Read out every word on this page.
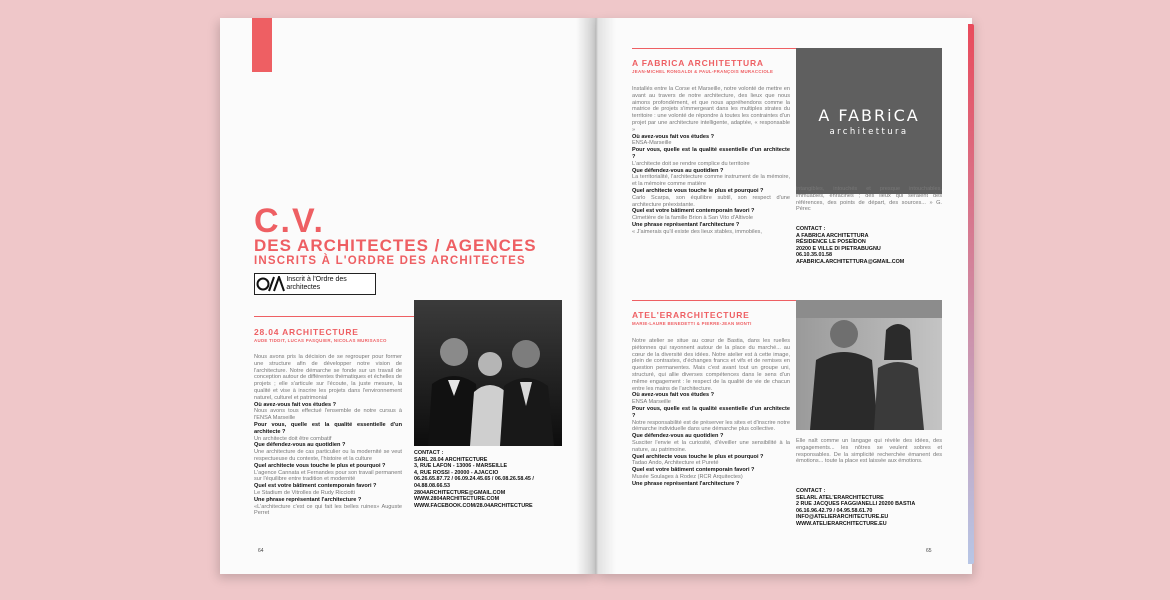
C.V.
DES ARCHITECTES / AGENCES
INSCRITS À L'ORDRE DES ARCHITECTES
Inscrit à l'Ordre des architectes
28.04 ARCHITECTURE
AUDE TIDDIT, LUCAS PASQUIER, NICOLAS MURISASCO

Nous avons pris la décision de se regrouper pour former une structure afin de développer notre vision de l'architecture. Notre démarche se fonde sur un travail de conception autour de différentes thématiques et échelles de projets ; elle s'articule sur l'écoute, la juste mesure, la qualité et vise à inscrire les projets dans l'environnement naturel, culturel et patrimonial

Où avez-vous fait vos études ?

Nous avons tous effectué l'ensemble de notre cursus à l'ENSA Marseille

Pour vous, quelle est la qualité essentielle d'un architecte ?

Un architecte doit être combatif

Que défendez-vous au quotidien ?

Une architecture de cas particulier ou la modernité se veut respectueuse du contexte, l'histoire et la culture

Quel architecte vous touche le plus et pourquoi ?

L'agence Cannata et Fernandes pour son travail permanent sur l'équilibre entre tradition et modernité

Quel est votre bâtiment contemporain favori ?

Le Stadium de Vitrolles de Rudy Ricciotti

Une phrase représentant l'architecture ?

«L'architecture c'est ce qui fait les belles ruines» Auguste Perret

CONTACT :
SARL 28.04 ARCHITECTURE
3, RUE LAFON - 13006 - MARSEILLE
4, RUE ROSSI - 20000 - AJACCIO
06.26.65.87.72 / 06.09.24.45.65 / 06.08.26.58.45 / 04.88.08.66.53
2804ARCHITECTURE@GMAIL.COM
WWW.2804ARCHITECTURE.COM
WWW.FACEBOOK.COM/28.04ARCHITECTURE
64
A FABRICA ARCHITETTURA
JEAN-MICHEL RONGALDI & PAUL-FRANÇOIS MURACCIOLE
A FABRiCA
architettura

Installés entre la Corse et Marseille, notre volonté de mettre en avant au travers de notre architecture, des lieux que nous aimons profondément, et que nous appréhendons comme la matrice de projets s'immergeant dans les multiples strates du territoire : une volonté de répondre à toutes les contraintes d'un projet par une architecture intelligente, adaptée, « responsable »

Où avez-vous fait vos études ?

ENSA-Marseille

Pour vous, quelle est la qualité essentielle d'un architecte ?

L'architecte doit se rendre complice du territoire

Que défendez-vous au quotidien ?

La territorialité, l'architecture comme instrument de la mémoire, et la mémoire comme matière

Quel architecte vous touche le plus et pourquoi ?

Carlo Scarpa, son équilibre subtil, son respect d'une architecture préexistante.

Quel est votre bâtiment contemporain favori ?

Cimetière de la famille Brion à San Vito d'Altivole

Une phrase représentant l'architecture ?

« J'aimerais qu'il existe des lieux stables, immobiles,

intangibles, intouchés et presque intouchables, immuables, enracinés ; des lieux qui seraient des références, des points de départ, des sources... » G. Pérec

CONTACT :
A FABRICA ARCHITETTURA
RÉSIDENCE LE POSEÏDON
20200 E VILLE DI PIETRABUGNU
06.10.35.01.58
AFABRICA.ARCHITETTURA@GMAIL.COM
ATEL'ERARCHITECTURE
MARIE-LAURE BENEDETTI & PIERRE-JEAN MONTI

Notre atelier se situe au cœur de Bastia, dans les ruelles piétonnes qui rayonnent autour de la place du marché... au cœur de la diversité des idées. Notre atelier est à cette image, plein de contrastes, d'échanges francs et vifs et de remises en question permanentes. Mais c'est avant tout un groupe uni, structuré, qui allie diverses compétences dans le sens d'un même engagement : le respect de la qualité de vie de chacun entre les mains de l'architecture.

Où avez-vous fait vos études ?

ENSA Marseille

Pour vous, quelle est la qualité essentielle d'un architecte ?

Notre responsabilité est de préserver les sites et d'inscrire notre démarche individuelle dans une démarche plus collective.

Que défendez-vous au quotidien ?

Susciter l'envie et la curiosité, d'éveiller une sensibilité à la nature, au patrimoine.

Quel architecte vous touche le plus et pourquoi ?

Tadao Ando, Architecture et Pureté

Quel est votre bâtiment contemporain favori ?

Musée Soulages à Rodez (RCR Arquitectes)

Une phrase représentant l'architecture ?

Elle naît comme un langage qui révèle des idées, des engagements... les nôtres se veulent sobres et responsables. De la simplicité recherchée émanent des émotions... toute la place est laissée aux émotions.

CONTACT :
SELARL ATEL'ERARCHITECTURE
2 RUE JACQUES FAGGIANELLI 20200 BASTIA
06.16.96.42.79 / 04.95.58.61.70
INFO@ATELIERARCHITECTURE.EU
WWW.ATELIERARCHITECTURE.EU
65
